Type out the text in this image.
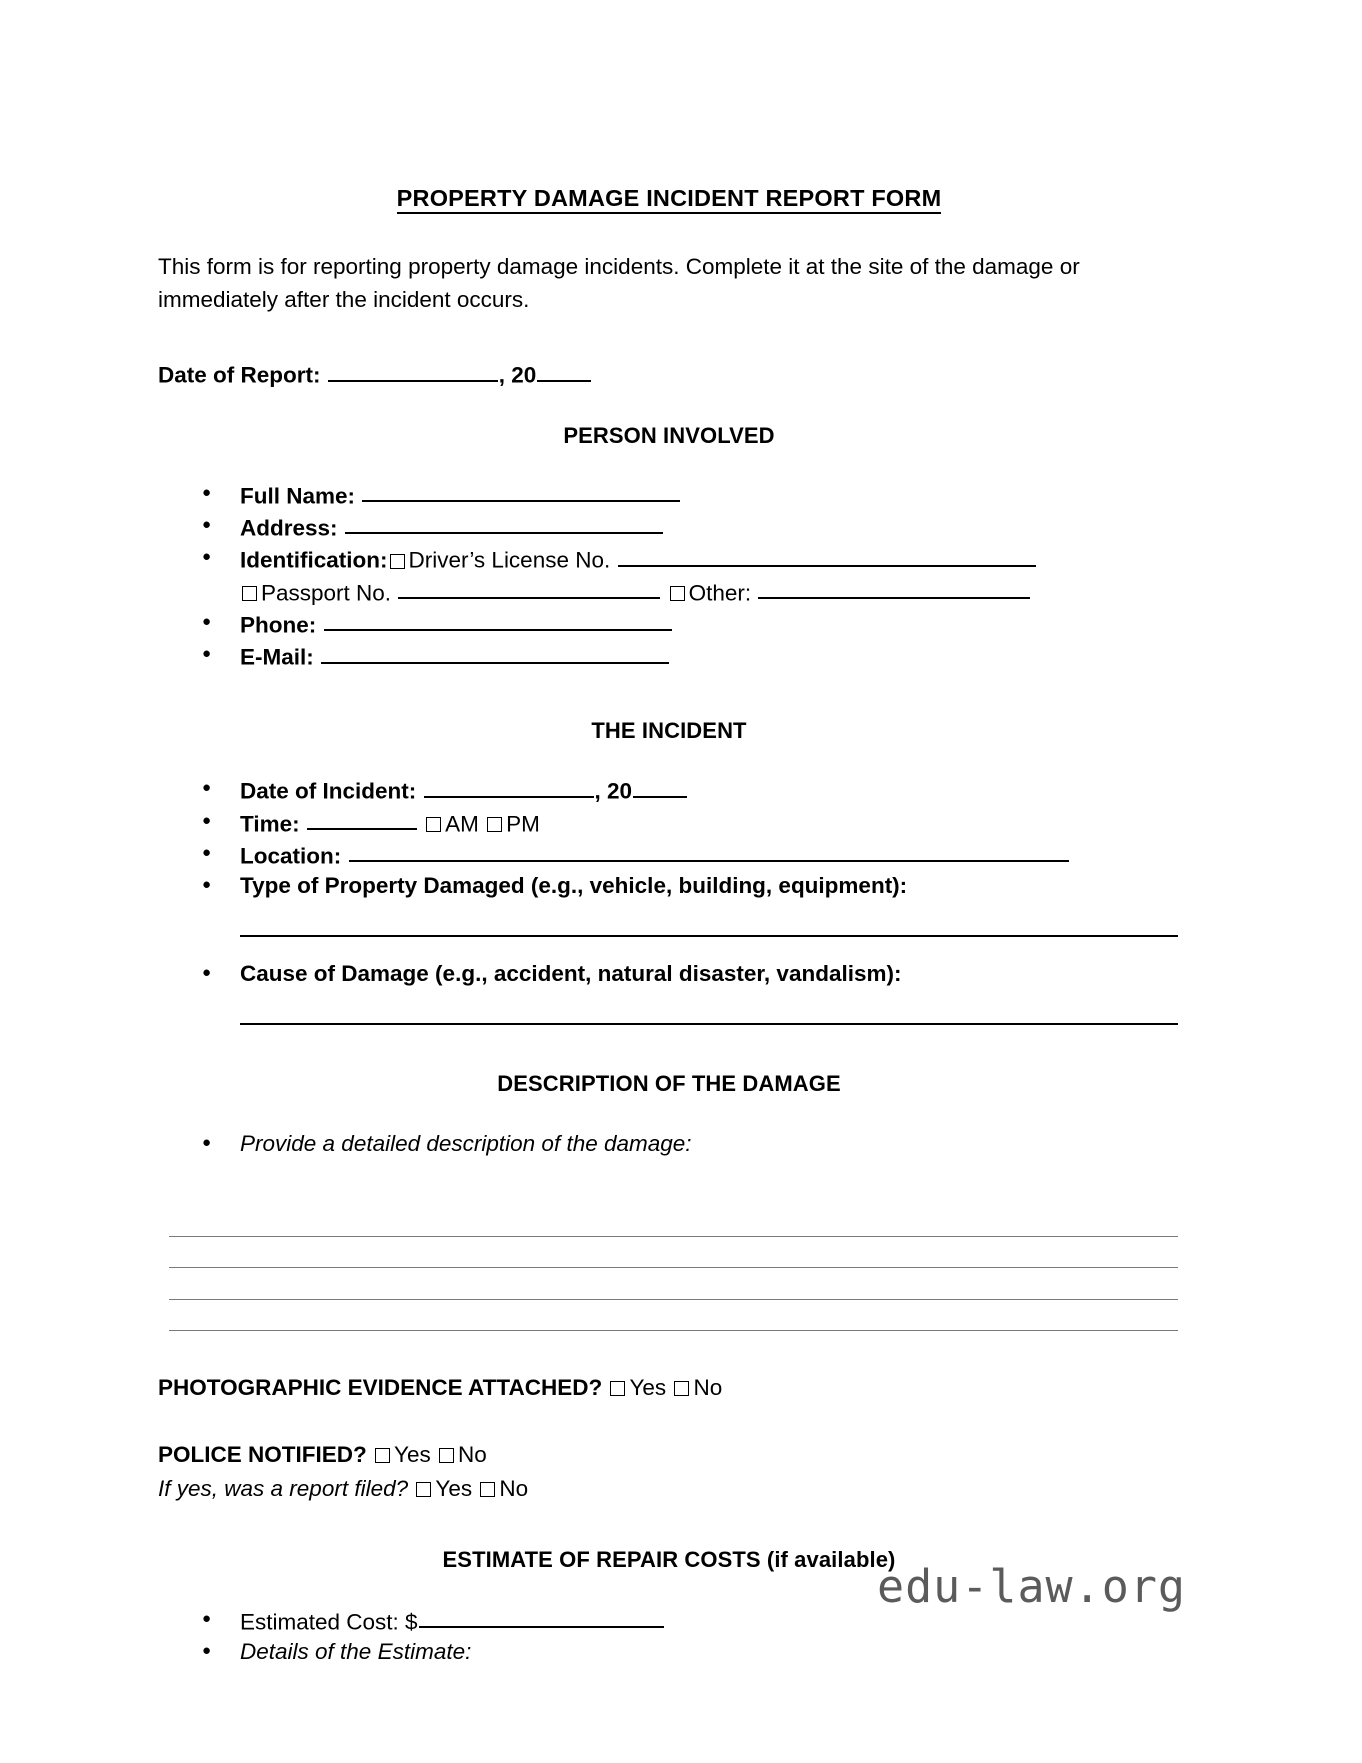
PROPERTY DAMAGE INCIDENT REPORT FORM

This form is for reporting property damage incidents. Complete it at the site of the damage or immediately after the incident occurs.

Date of Report:	, 20
PERSON INVOLVED
● Full Name:
● Address:
● Identification: Driver’s License No.
Passport No.	Other:
● Phone:
● E-Mail:
THE INCIDENT
● Date of Incident:	, 20
● Time:	AM PM
● Location:
● Type of Property Damaged (e.g., vehicle, building, equipment):
● Cause of Damage (e.g., accident, natural disaster, vandalism):
DESCRIPTION OF THE DAMAGE
● Provide a detailed description of the damage:
PHOTOGRAPHIC EVIDENCE ATTACHED? Yes No
POLICE NOTIFIED? Yes No
If yes, was a report filed? Yes No
ESTIMATE OF REPAIR COSTS (if available)
● Estimated Cost: $
● Details of the Estimate:
edu-law.org
